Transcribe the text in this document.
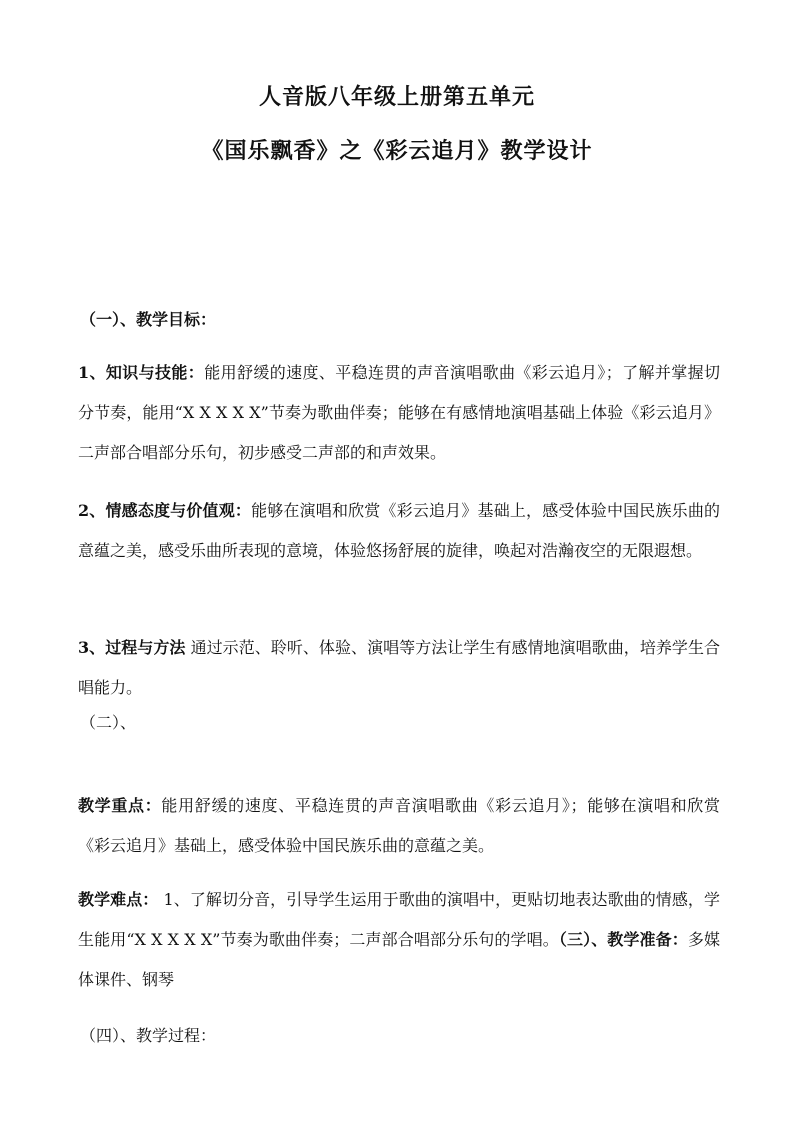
人音版八年级上册第五单元
《国乐飘香》之《彩云追月》教学设计
（一）、教学目标：
1、知识与技能：能用舒缓的速度、平稳连贯的声音演唱歌曲《彩云追月》；了解并掌握切分节奏，能用“X X X X X”节奏为歌曲伴奏；能够在有感情地演唱基础上体验《彩云追月》二声部合唱部分乐句，初步感受二声部的和声效果。
2、情感态度与价值观：能够在演唱和欣赏《彩云追月》基础上，感受体验中国民族乐曲的意蕴之美，感受乐曲所表现的意境，体验悠扬舒展的旋律，唤起对浩瀚夜空的无限遐想。
3、过程与方法 通过示范、聆听、体验、演唱等方法让学生有感情地演唱歌曲，培养学生合唱能力。
（二）、
教学重点：能用舒缓的速度、平稳连贯的声音演唱歌曲《彩云追月》；能够在演唱和欣赏《彩云追月》基础上，感受体验中国民族乐曲的意蕴之美。
教学难点： 1、了解切分音，引导学生运用于歌曲的演唱中，更贴切地表达歌曲的情感，学生能用“X X X X X”节奏为歌曲伴奏；二声部合唱部分乐句的学唱。（三）、教学准备：多媒体课件、钢琴
（四）、教学过程：
